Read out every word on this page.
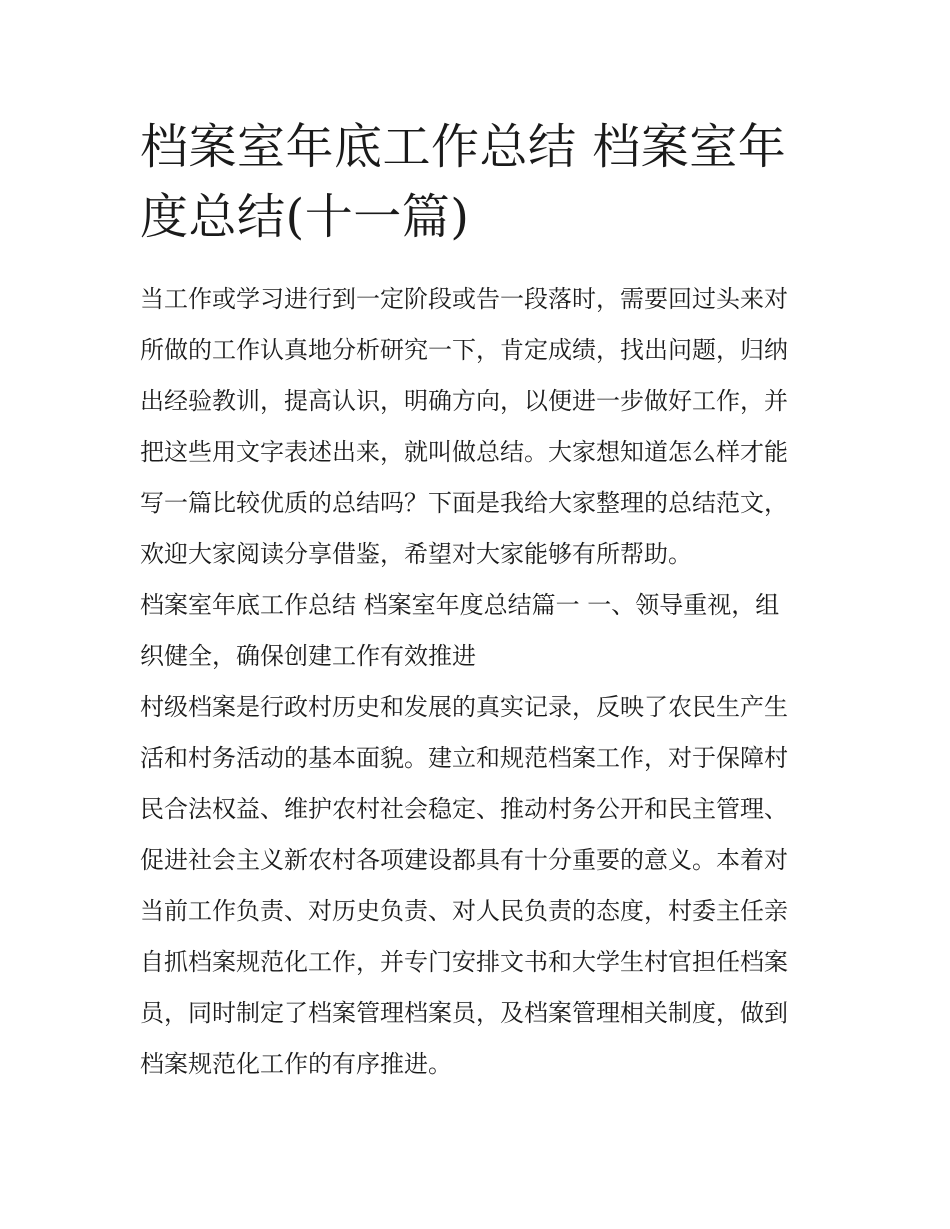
档案室年底工作总结 档案室年
度总结(十一篇)
当工作或学习进行到一定阶段或告一段落时，需要回过头来对
所做的工作认真地分析研究一下，肯定成绩，找出问题，归纳
出经验教训，提高认识，明确方向，以便进一步做好工作，并
把这些用文字表述出来，就叫做总结。大家想知道怎么样才能
写一篇比较优质的总结吗？下面是我给大家整理的总结范文，
欢迎大家阅读分享借鉴，希望对大家能够有所帮助。
档案室年底工作总结 档案室年度总结篇一 一、领导重视，组
织健全，确保创建工作有效推进
村级档案是行政村历史和发展的真实记录，反映了农民生产生
活和村务活动的基本面貌。建立和规范档案工作，对于保障村
民合法权益、维护农村社会稳定、推动村务公开和民主管理、
促进社会主义新农村各项建设都具有十分重要的意义。本着对
当前工作负责、对历史负责、对人民负责的态度，村委主任亲
自抓档案规范化工作，并专门安排文书和大学生村官担任档案
员，同时制定了档案管理档案员，及档案管理相关制度，做到
档案规范化工作的有序推进。
